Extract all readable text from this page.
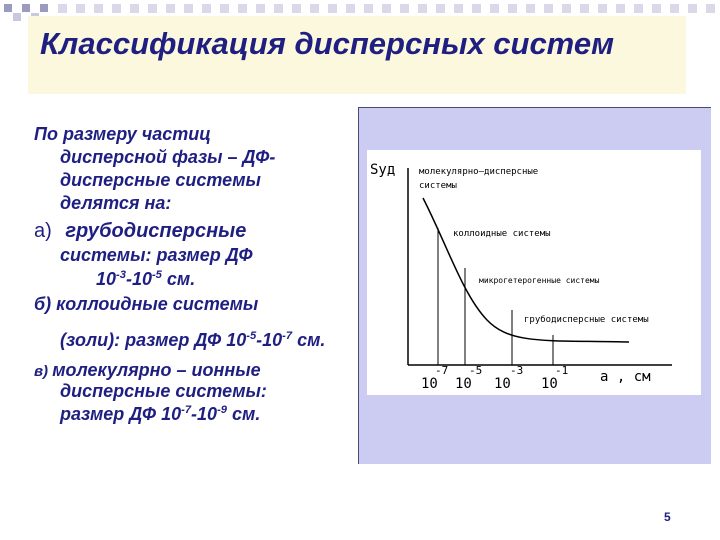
Классификация дисперсных систем
По размеру частиц
дисперсной фазы – ДФ-
дисперсные системы
делятся на:
а) грубодисперсные
системы: размер ДФ
$10^{-3}-10^{-5}$ см.
б) коллоидные системы
(золи): размер ДФ $10^{-5}-10^{-7}$ см.
в) молекулярно – ионные
дисперсные системы:
размер ДФ $10^{-7}-10^{-9}$ см.
Sуд	молекулярно–дисперсные
системы
коллоидные системы
микрогетерогенные системы
грубодисперсные системы
-7
10
-5
10
-3
10
-1
10	а , см
5
